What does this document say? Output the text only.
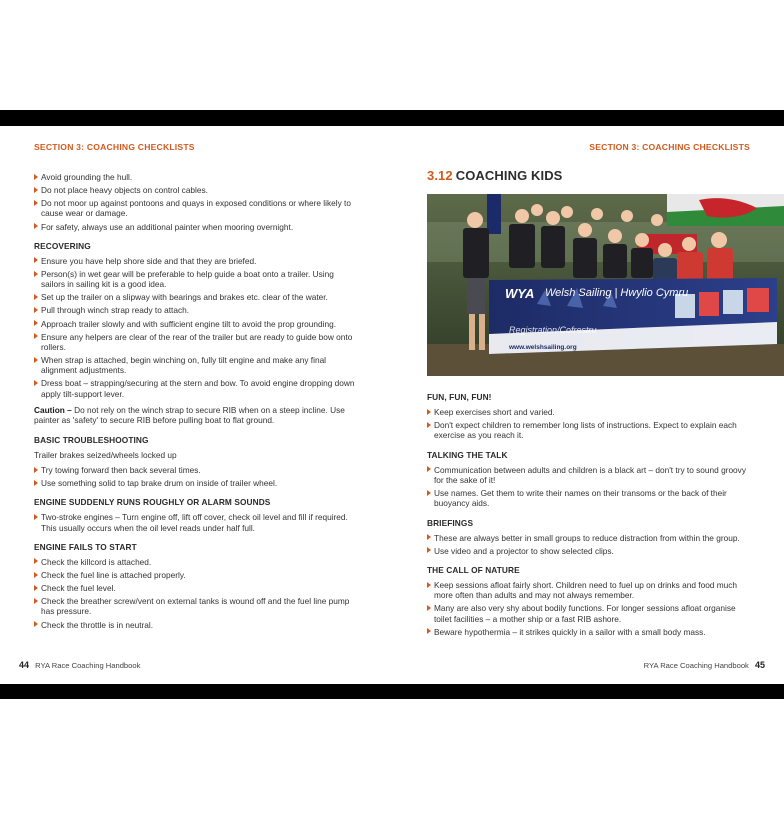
SECTION 3: COACHING CHECKLISTS
Avoid grounding the hull.
Do not place heavy objects on control cables.
Do not moor up against pontoons and quays in exposed conditions or where likely to cause wear or damage.
For safety, always use an additional painter when mooring overnight.
RECOVERING
Ensure you have help shore side and that they are briefed.
Person(s) in wet gear will be preferable to help guide a boat onto a trailer. Using sailors in sailing kit is a good idea.
Set up the trailer on a slipway with bearings and brakes etc. clear of the water.
Pull through winch strap ready to attach.
Approach trailer slowly and with sufficient engine tilt to avoid the prop grounding.
Ensure any helpers are clear of the rear of the trailer but are ready to guide bow onto rollers.
When strap is attached, begin winching on, fully tilt engine and make any final alignment adjustments.
Dress boat – strapping/securing at the stern and bow. To avoid engine dropping down apply tilt-support lever.

Caution – Do not rely on the winch strap to secure RIB when on a steep incline. Use painter as 'safety' to secure RIB before pulling boat to flat ground.

BASIC TROUBLESHOOTING

Trailer brakes seized/wheels locked up

Try towing forward then back several times.
Use something solid to tap brake drum on inside of trailer wheel.
ENGINE SUDDENLY RUNS ROUGHLY OR ALARM SOUNDS
Two-stroke engines – Turn engine off, lift off cover, check oil level and fill if required. This usually occurs when the oil level reads under half full.
ENGINE FAILS TO START
Check the killcord is attached.
Check the fuel line is attached properly.
Check the fuel level.
Check the breather screw/vent on external tanks is wound off and the fuel line pump has pressure.
Check the throttle is in neutral.
44 RYA Race Coaching Handbook
SECTION 3: COACHING CHECKLISTS
3.12 COACHING KIDS
WYA Welsh Sailing | Hwylio Cymru
Registration/Cofrestru
www.welshsailing.org
FUN, FUN, FUN!
Keep exercises short and varied.
Don't expect children to remember long lists of instructions. Expect to explain each exercise as you reach it.
TALKING THE TALK
Communication between adults and children is a black art – don't try to sound groovy for the sake of it!
Use names. Get them to write their names on their transoms or the back of their buoyancy aids.
BRIEFINGS
These are always better in small groups to reduce distraction from within the group.
Use video and a projector to show selected clips.
THE CALL OF NATURE
Keep sessions afloat fairly short. Children need to fuel up on drinks and food much more often than adults and may not always remember.
Many are also very shy about bodily functions. For longer sessions afloat organise toilet facilities – a mother ship or a fast RIB ashore.
Beware hypothermia – it strikes quickly in a sailor with a small body mass.
RYA Race Coaching Handbook 45
